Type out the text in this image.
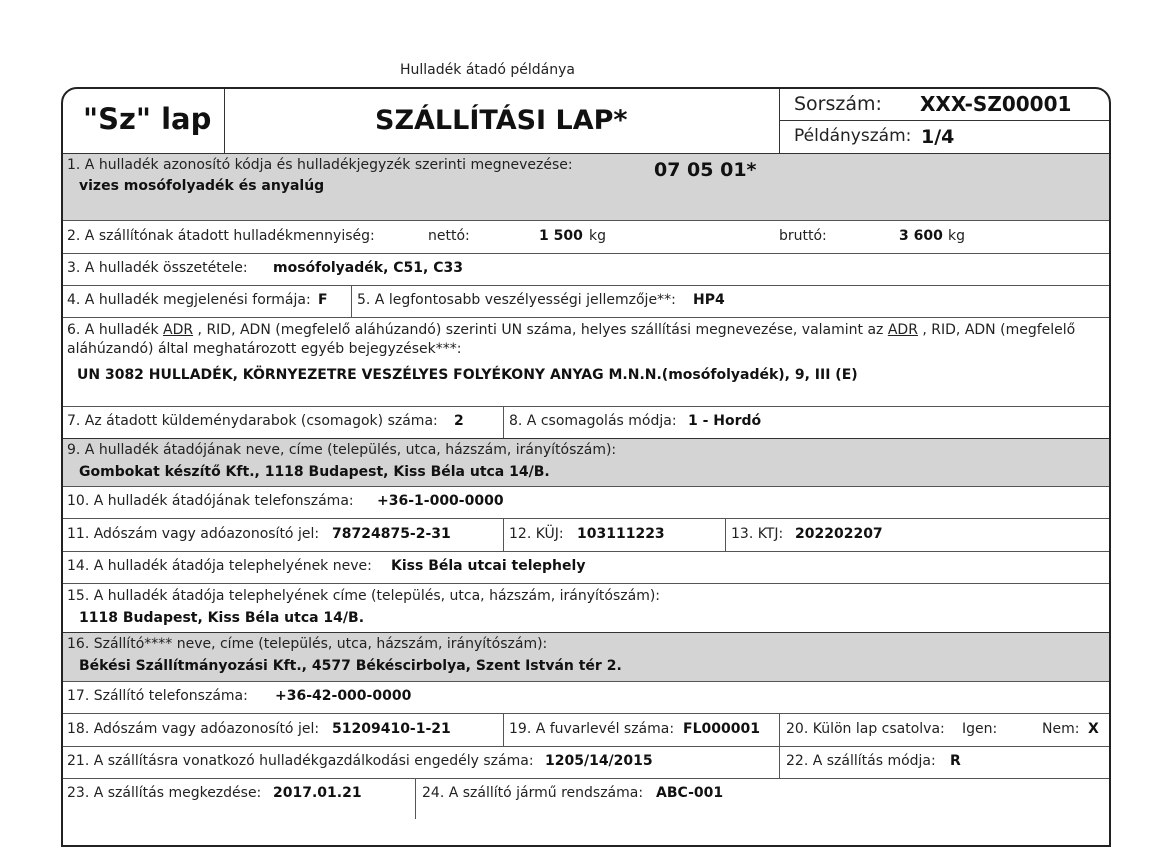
Hulladék átadó példánya
"Sz" lap	SZÁLLÍTÁSI LAP*
Sorszám: XXX-SZ00001
Példányszám: 1/4
1. A hulladék azonosító kódja és hulladékjegyzék szerinti megnevezése:	07 05 01*
vizes mosófolyadék és anyalúg
2. A szállítónak átadott hulladékmennyiség:	nettó:	1 500 kg	bruttó:	3 600 kg
3. A hulladék összetétele: mosófolyadék, C51, C33
4. A hulladék megjelenési formája: F 5. A legfontosabb veszélyességi jellemzője**: HP4
6. A hulladék ADR , RID, ADN (megfelelő aláhúzandó) szerinti UN száma, helyes szállítási megnevezése, valamint az ADR , RID, ADN (megfelelő
aláhúzandó) által meghatározott egyéb bejegyzések***:
UN 3082 HULLADÉK, KÖRNYEZETRE VESZÉLYES FOLYÉKONY ANYAG M.N.N.(mosófolyadék), 9, III (E)
7. Az átadott küldeménydarabok (csomagok) száma: 2	8. A csomagolás módja: 1 - Hordó
9. A hulladék átadójának neve, címe (település, utca, házszám, irányítószám):
Gombokat készítő Kft., 1118 Budapest, Kiss Béla utca 14/B.
10. A hulladék átadójának telefonszáma: +36-1-000-0000
11. Adószám vagy adóazonosító jel: 78724875-2-31	12. KÜJ: 103111223	13. KTJ: 202202207
14. A hulladék átadója telephelyének neve: Kiss Béla utcai telephely
15. A hulladék átadója telephelyének címe (település, utca, házszám, irányítószám):
1118 Budapest, Kiss Béla utca 14/B.
16. Szállító**** neve, címe (település, utca, házszám, irányítószám):
Békési Szállítmányozási Kft., 4577 Békéscirbolya, Szent István tér 2.
17. Szállító telefonszáma: +36-42-000-0000
18. Adószám vagy adóazonosító jel: 51209410-1-21	19. A fuvarlevél száma: FL000001 20. Külön lap csatolva: Igen:	Nem: X
21. A szállításra vonatkozó hulladékgazdálkodási engedély száma: 1205/14/2015	22. A szállítás módja: R
23. A szállítás megkezdése: 2017.01.21	24. A szállító jármű rendszáma: ABC-001
